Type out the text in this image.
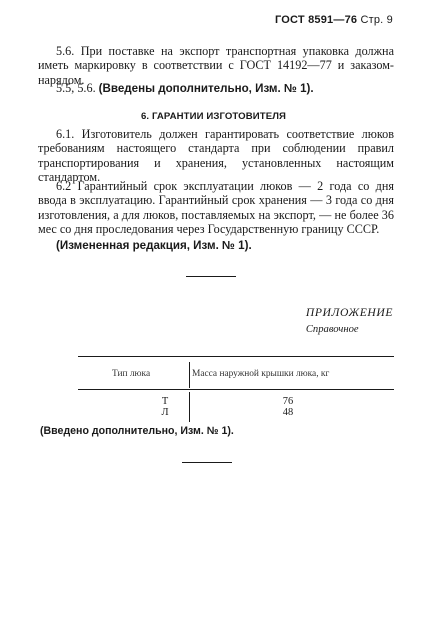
ГОСТ 8591—76 Стр. 9

5.6. При поставке на экспорт транспортная упаковка должна иметь маркировку в соответствии с ГОСТ 14192—77 и заказом-нарядом.

5.5, 5.6. (Введены дополнительно, Изм. № 1).

6. ГАРАНТИИ ИЗГОТОВИТЕЛЯ

6.1. Изготовитель должен гарантировать соответствие люков требованиям настоящего стандарта при соблюдении правил транспортирования и хранения, установленных настоящим стандартом.

6.2 Гарантийный срок эксплуатации люков — 2 года со дня ввода в эксплуатацию. Гарантийный срок хранения — 3 года со дня изготовления, а для люков, поставляемых на экспорт, — не более 36 мес со дня проследования через Государственную границу СССР.

(Измененная редакция, Изм. № 1).

ПРИЛОЖЕНИЕ
Справочное
Тип люка	Масса наружной крышки люка, кг
Т	76
Л	48
(Введено дополнительно, Изм. № 1).
